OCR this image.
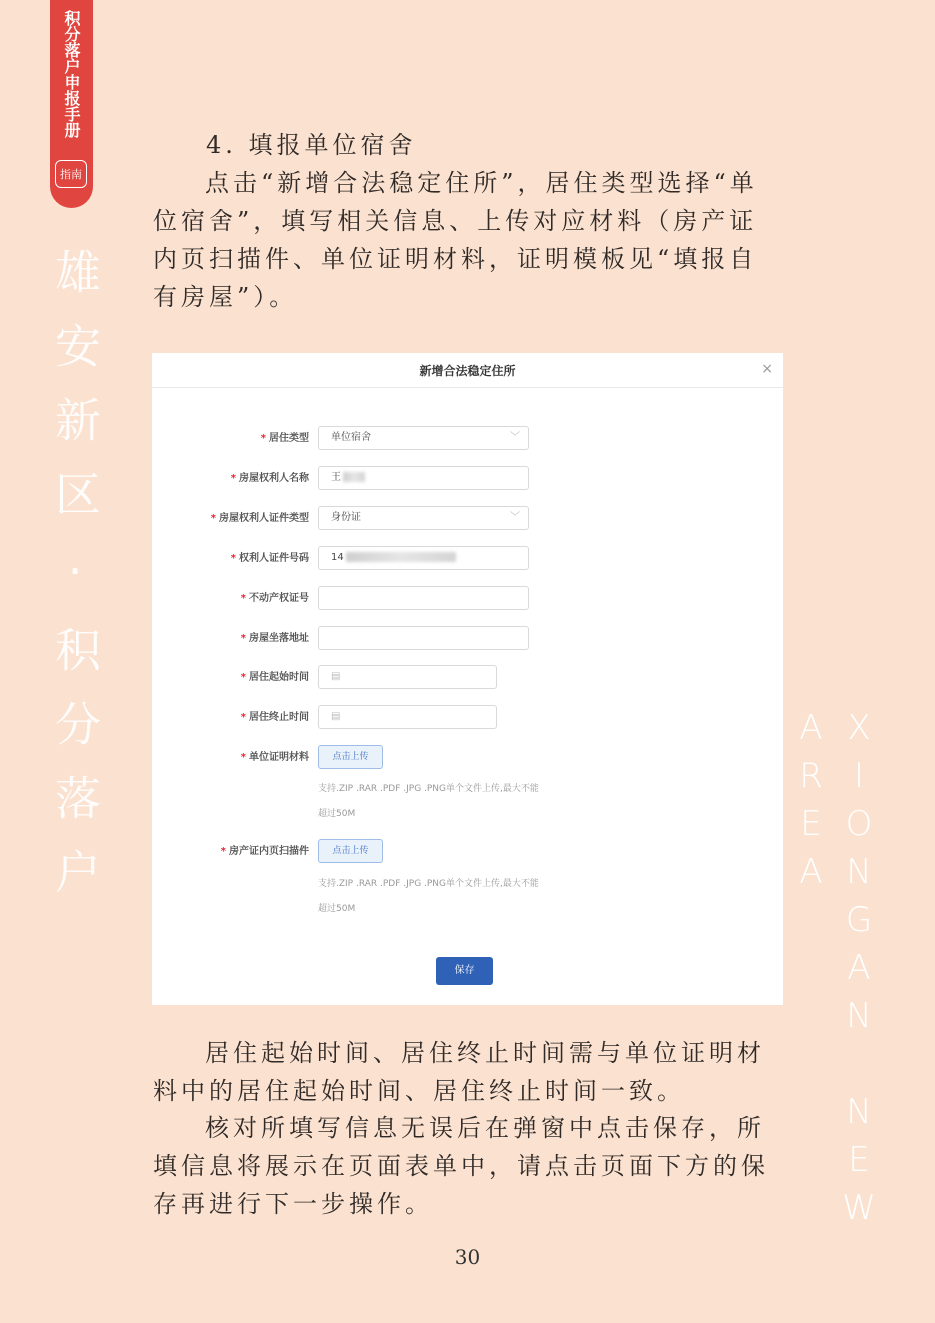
积分落户申报手册
指南
雄安新区·积分落户
XIONGAN NEW AREA

4. 填报单位宿舍

点击“新增合法稳定住所”，居住类型选择“单位宿舍”，填写相关信息、上传对应材料（房产证内页扫描件、单位证明材料，证明模板见“填报自有房屋”）。

新增合法稳定住所	×
* 居住类型	单位宿舍	﹀
* 房屋权利人名称	王
* 房屋权利人证件类型	身份证	﹀
* 权利人证件号码	14
* 不动产权证号
* 房屋坐落地址
* 居住起始时间	▤
* 居住终止时间	▤
* 单位证明材料	点击上传
支持.ZIP .RAR .PDF .JPG .PNG单个文件上传,最大不能
超过50M
* 房产证内页扫描件	点击上传
支持.ZIP .RAR .PDF .JPG .PNG单个文件上传,最大不能
超过50M
保存

居住起始时间、居住终止时间需与单位证明材料中的居住起始时间、居住终止时间一致。

核对所填写信息无误后在弹窗中点击保存，所填信息将展示在页面表单中，请点击页面下方的保存再进行下一步操作。

30
